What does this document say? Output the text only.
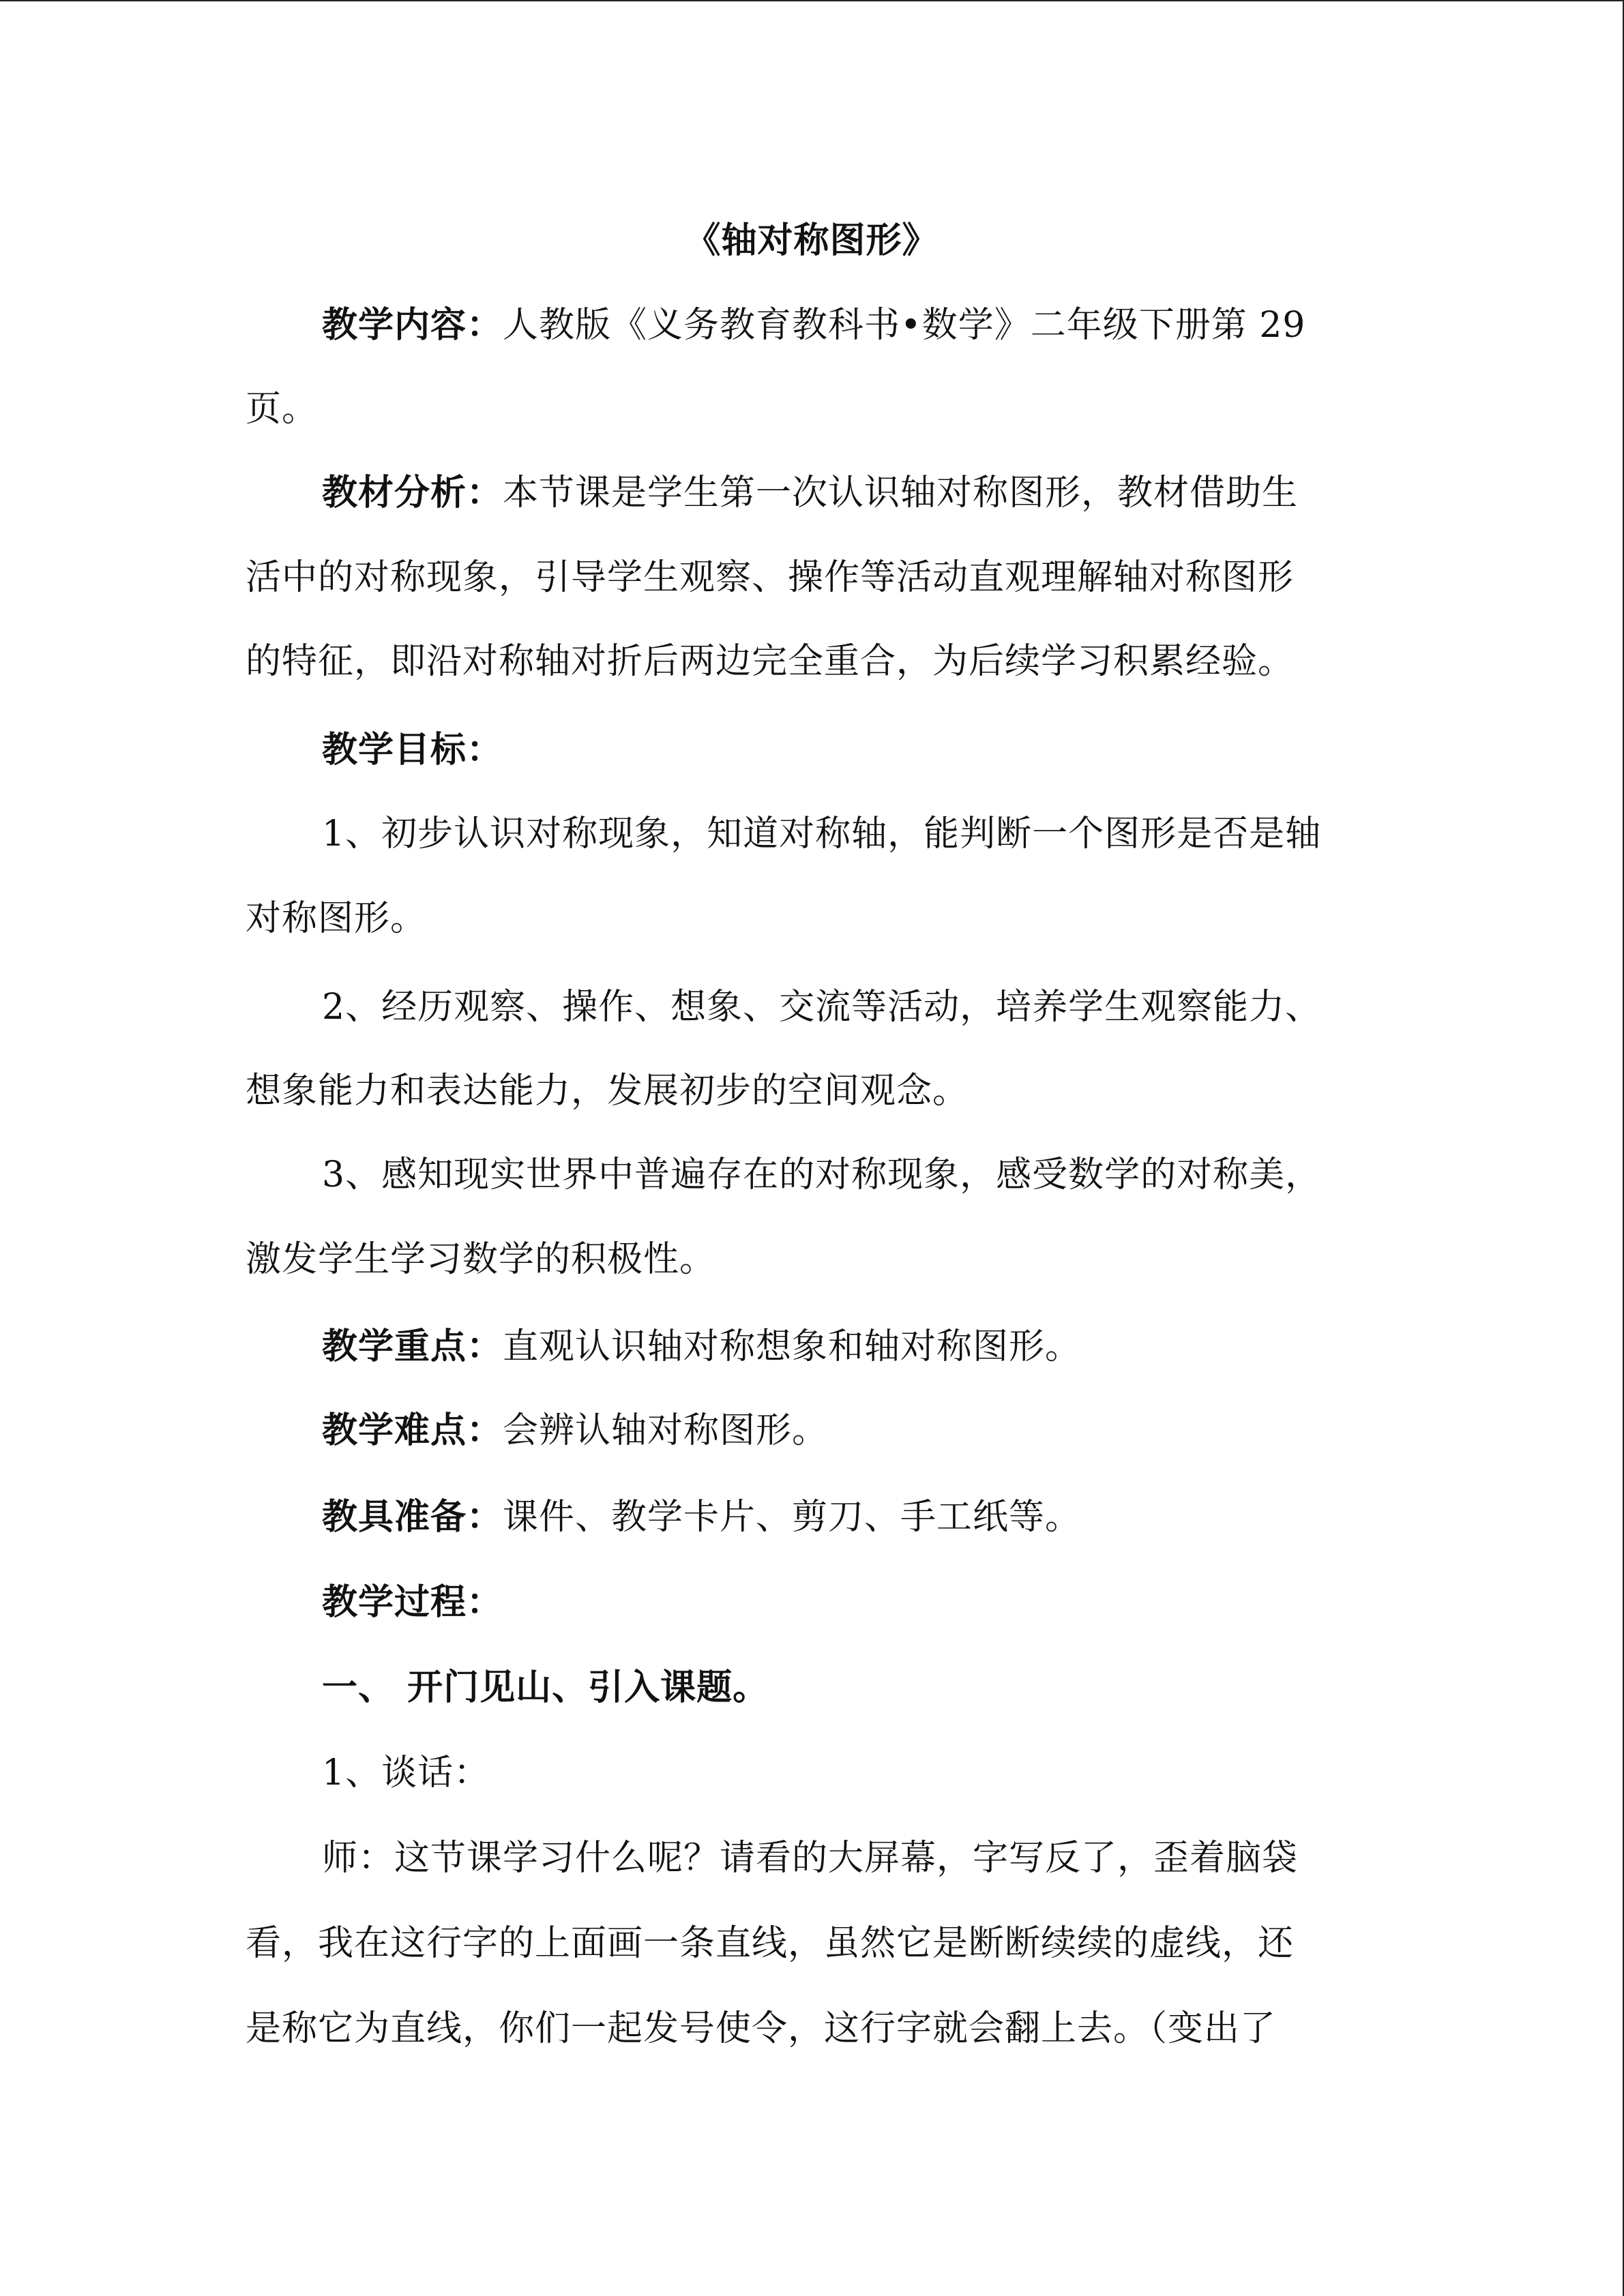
《轴对称图形》
教学内容：人教版《义务教育教科书•数学》二年级下册第 29
页。
教材分析：本节课是学生第一次认识轴对称图形，教材借助生
活中的对称现象，引导学生观察、操作等活动直观理解轴对称图形
的特征，即沿对称轴对折后两边完全重合，为后续学习积累经验。
教学目标：
1、初步认识对称现象，知道对称轴，能判断一个图形是否是轴
对称图形。
2、经历观察、操作、想象、交流等活动，培养学生观察能力、
想象能力和表达能力，发展初步的空间观念。
3、感知现实世界中普遍存在的对称现象，感受数学的对称美，
激发学生学习数学的积极性。
教学重点：直观认识轴对称想象和轴对称图形。
教学难点：会辨认轴对称图形。
教具准备：课件、教学卡片、剪刀、手工纸等。
教学过程：
一、 开门见山、引入课题。
1、谈话：
师：这节课学习什么呢？请看的大屏幕，字写反了，歪着脑袋
看，我在这行字的上面画一条直线，虽然它是断断续续的虚线，还
是称它为直线，你们一起发号使令，这行字就会翻上去。（变出了
